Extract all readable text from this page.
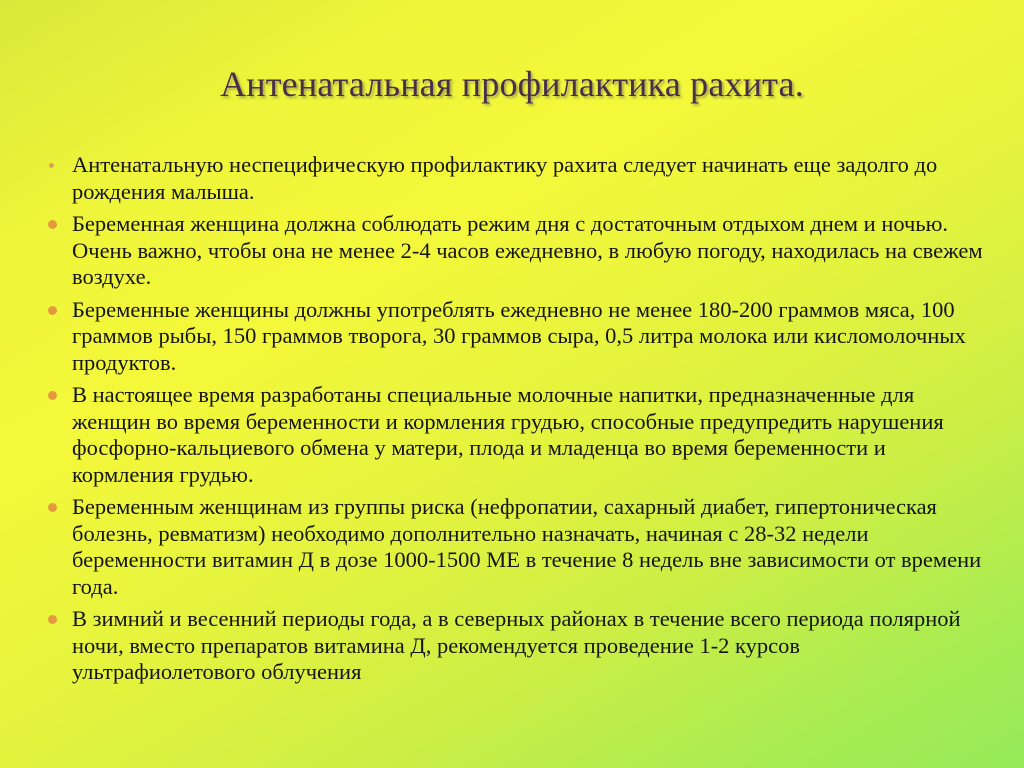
Антенатальная профилактика рахита.
Антенатальную неспецифическую профилактику рахита следует начинать еще задолго до рождения малыша.
Беременная женщина должна соблюдать режим дня с достаточным отдыхом днем и ночью. Очень важно, чтобы она не менее 2-4 часов ежедневно, в любую погоду, находилась на свежем воздухе.
Беременные женщины должны употреблять ежедневно не менее 180-200 граммов мяса, 100 граммов рыбы, 150 граммов творога, 30 граммов сыра, 0,5 литра молока или кисломолочных продуктов.
В настоящее время разработаны специальные молочные напитки, предназначенные для женщин во время беременности и кормления грудью, способные предупредить нарушения фосфорно-кальциевого обмена у матери, плода и младенца во время беременности и кормления грудью.
Беременным женщинам из группы риска (нефропатии, сахарный диабет, гипертоническая болезнь, ревматизм) необходимо дополнительно назначать, начиная с 28-32 недели беременности витамин Д в дозе 1000-1500 МЕ в течение 8 недель вне зависимости от времени года.
В зимний и весенний периоды года, а в северных районах в течение всего периода полярной ночи, вместо препаратов витамина Д, рекомендуется проведение 1-2 курсов ультрафиолетового облучения
